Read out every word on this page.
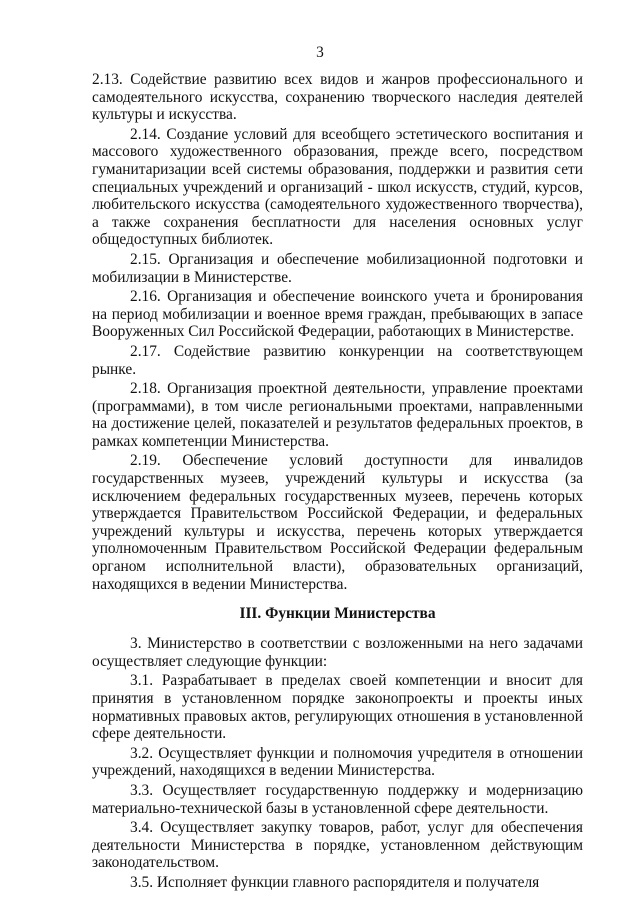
3

2.13. Содействие развитию всех видов и жанров профессионального и самодеятельного искусства, сохранению творческого наследия деятелей культуры и искусства.

2.14. Создание условий для всеобщего эстетического воспитания и массового художественного образования, прежде всего, посредством гуманитаризации всей системы образования, поддержки и развития сети специальных учреждений и организаций - школ искусств, студий, курсов, любительского искусства (самодеятельного художественного творчества), а также сохранения бесплатности для населения основных услуг общедоступных библиотек.

2.15. Организация и обеспечение мобилизационной подготовки и мобилизации в Министерстве.

2.16. Организация и обеспечение воинского учета и бронирования на период мобилизации и военное время граждан, пребывающих в запасе Вооруженных Сил Российской Федерации, работающих в Министерстве.

2.17. Содействие развитию конкуренции на соответствующем рынке.

2.18. Организация проектной деятельности, управление проектами (программами), в том числе региональными проектами, направленными на достижение целей, показателей и результатов федеральных проектов, в рамках компетенции Министерства.

2.19. Обеспечение условий доступности для инвалидов государственных музеев, учреждений культуры и искусства (за исключением федеральных государственных музеев, перечень которых утверждается Правительством Российской Федерации, и федеральных учреждений культуры и искусства, перечень которых утверждается уполномоченным Правительством Российской Федерации федеральным органом исполнительной власти), образовательных организаций, находящихся в ведении Министерства.

III. Функции Министерства

3. Министерство в соответствии с возложенными на него задачами осуществляет следующие функции:

3.1. Разрабатывает в пределах своей компетенции и вносит для принятия в установленном порядке законопроекты и проекты иных нормативных правовых актов, регулирующих отношения в установленной сфере деятельности.

3.2. Осуществляет функции и полномочия учредителя в отношении учреждений, находящихся в ведении Министерства.

3.3. Осуществляет государственную поддержку и модернизацию материально-технической базы в установленной сфере деятельности.

3.4. Осуществляет закупку товаров, работ, услуг для обеспечения деятельности Министерства в порядке, установленном действующим законодательством.

3.5. Исполняет функции главного распорядителя и получателя
